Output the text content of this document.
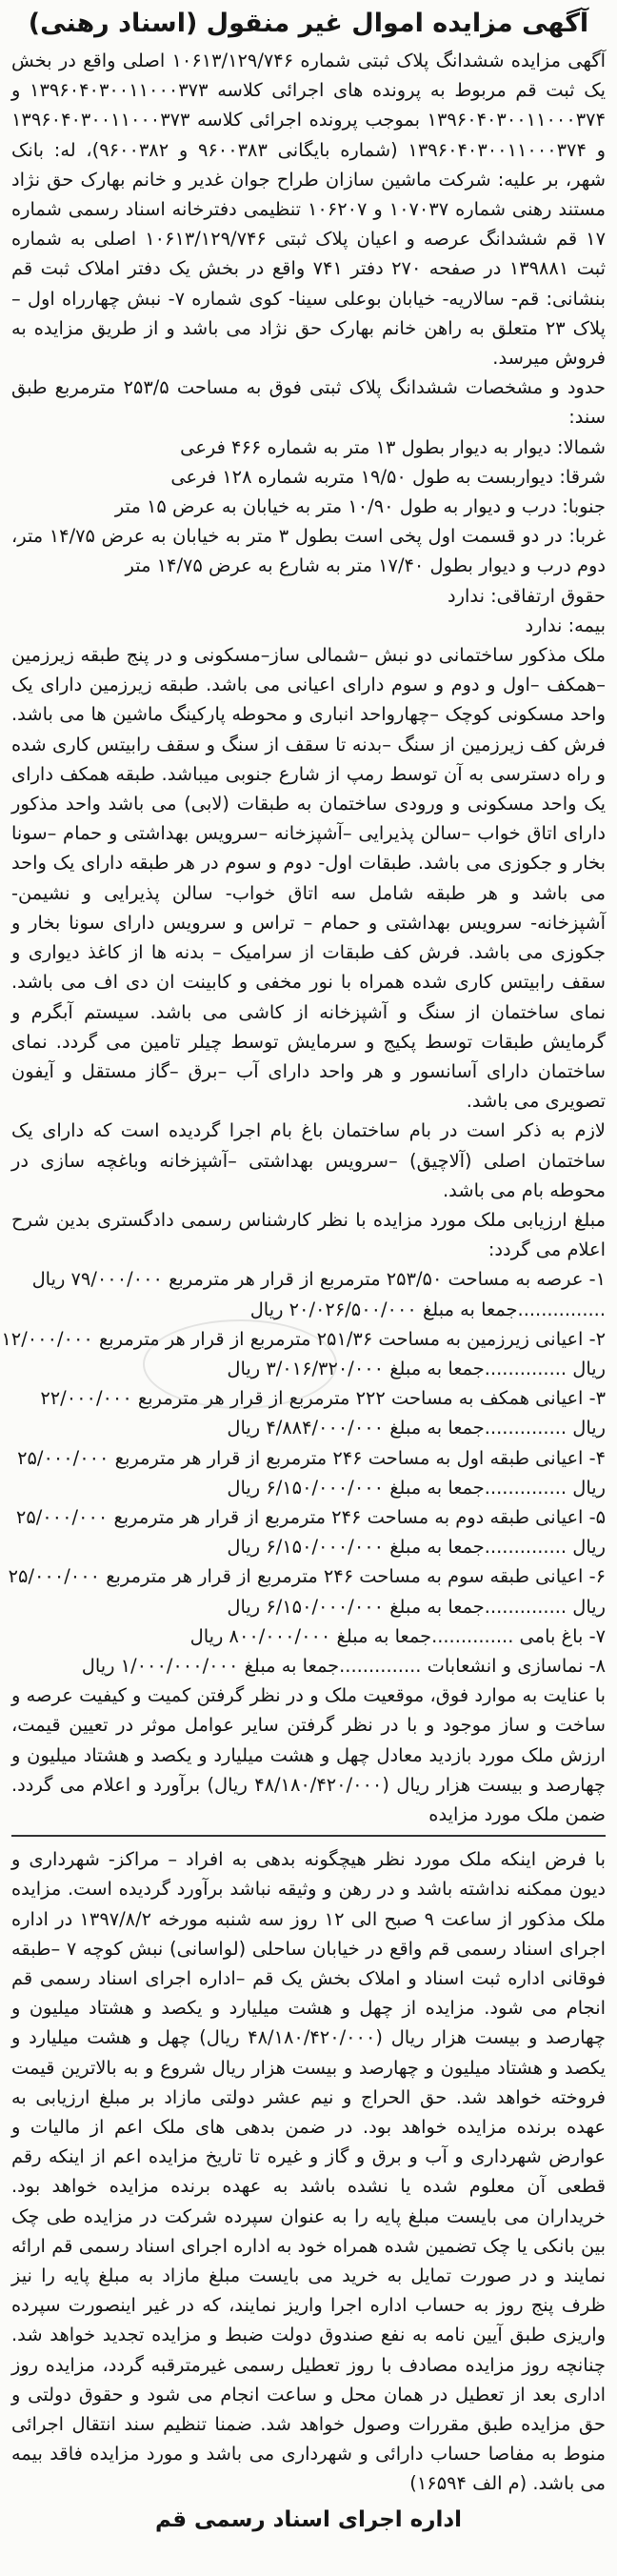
آگهی مزایده اموال غیر منقول (اسناد رهنی)

آگهی مزایده ششدانگ پلاک ثبتی شماره ۱۰۶۱۳/۱۲۹/۷۴۶ اصلی واقع در بخش یک ثبت قم مربوط به پرونده های اجرائی کلاسه ۱۳۹۶۰۴۰۳۰۰۱۱۰۰۰۳۷۳ و ۱۳۹۶۰۴۰۳۰۰۱۱۰۰۰۳۷۴ بموجب پرونده اجرائی کلاسه ۱۳۹۶۰۴۰۳۰۰۱۱۰۰۰۳۷۳ و ۱۳۹۶۰۴۰۳۰۰۱۱۰۰۰۳۷۴ (شماره بایگانی ۹۶۰۰۳۸۳ و ۹۶۰۰۳۸۲)، له: بانک شهر، بر علیه: شرکت ماشین سازان طراح جوان غدیر و خانم بهارک حق نژاد مستند رهنی شماره ۱۰۷۰۳۷ و ۱۰۶۲۰۷ تنظیمی دفترخانه اسناد رسمی شماره ۱۷ قم ششدانگ عرصه و اعیان پلاک ثبتی ۱۰۶۱۳/۱۲۹/۷۴۶ اصلی به شماره ثبت ۱۳۹۸۸۱ در صفحه ۲۷۰ دفتر ۷۴۱ واقع در بخش یک دفتر املاک ثبت قم بنشانی: قم- سالاریه- خیابان بوعلی سینا- کوی شماره ۷- نبش چهارراه اول – پلاک ۲۳ متعلق به راهن خانم بهارک حق نژاد می باشد و از طریق مزایده به فروش میرسد.

حدود و مشخصات ششدانگ پلاک ثبتی فوق به مساحت ۲۵۳/۵ مترمربع طبق سند:

شمالا: دیوار به دیوار بطول ۱۳ متر به شماره ۴۶۶ فرعی

شرقا: دیواربست به طول ۱۹/۵۰ متربه شماره ۱۲۸ فرعی

جنوبا: درب و دیوار به طول ۱۰/۹۰ متر به خیابان به عرض ۱۵ متر

غربا: در دو قسمت اول پخی است بطول ۳ متر به خیابان به عرض ۱۴/۷۵ متر، دوم درب و دیوار بطول ۱۷/۴۰ متر به شارع به عرض ۱۴/۷۵ متر

حقوق ارتفاقی: ندارد

بیمه: ندارد

ملک مذکور ساختمانی دو نبش –شمالی ساز–مسکونی و در پنج طبقه زیرزمین –همکف –اول و دوم و سوم دارای اعیانی می باشد. طبقه زیرزمین دارای یک واحد مسکونی کوچک –چهارواحد انباری و محوطه پارکینگ ماشین ها می باشد. فرش کف زیرزمین از سنگ –بدنه تا سقف از سنگ و سقف رابیتس کاری شده و راه دسترسی به آن توسط رمپ از شارع جنوبی میباشد. طبقه همکف دارای یک واحد مسکونی و ورودی ساختمان به طبقات (لابی) می باشد واحد مذکور دارای اتاق خواب –سالن پذیرایی –آشپزخانه –سرویس بهداشتی و حمام –سونا بخار و جکوزی می باشد. طبقات اول- دوم و سوم در هر طبقه دارای یک واحد می باشد و هر طبقه شامل سه اتاق خواب- سالن پذیرایی و نشیمن- آشپزخانه- سرویس بهداشتی و حمام – تراس و سرویس دارای سونا بخار و جکوزی می باشد. فرش کف طبقات از سرامیک – بدنه ها از کاغذ دیواری و سقف رابیتس کاری شده همراه با نور مخفی و کابینت ان دی اف می باشد. نمای ساختمان از سنگ و آشپزخانه از کاشی می باشد. سیستم آبگرم و گرمایش طبقات توسط پکیج و سرمایش توسط چیلر تامین می گردد. نمای ساختمان دارای آسانسور و هر واحد دارای آب –برق –گاز مستقل و آیفون تصویری می باشد.

لازم به ذکر است در بام ساختمان باغ بام اجرا گردیده است که دارای یک ساختمان اصلی (آلاچیق) –سرویس بهداشتی –آشپزخانه وباغچه سازی در محوطه بام می باشد.

مبلغ ارزیابی ملک مورد مزایده با نظر کارشناس رسمی دادگستری بدین شرح اعلام می گردد:

۱- عرصه به مساحت ۲۵۳/۵۰ مترمربع از قرار هر مترمربع ۷۹/۰۰۰/۰۰۰ ریال

...............جمعا به مبلغ ۲۰/۰۲۶/۵۰۰/۰۰۰ ریال

۲- اعیانی زیرزمین به مساحت ۲۵۱/۳۶ مترمربع از قرار هر مترمربع ۱۲/۰۰۰/۰۰۰

ریال ..............جمعا به مبلغ ۳/۰۱۶/۳۲۰/۰۰۰ ریال

۳- اعیانی همکف به مساحت ۲۲۲ مترمربع از قرار هر مترمربع ۲۲/۰۰۰/۰۰۰

ریال ..............جمعا به مبلغ ۴/۸۸۴/۰۰۰/۰۰۰ ریال

۴- اعیانی طبقه اول به مساحت ۲۴۶ مترمربع از قرار هر مترمربع ۲۵/۰۰۰/۰۰۰

ریال ..............جمعا به مبلغ ۶/۱۵۰/۰۰۰/۰۰۰ ریال

۵- اعیانی طبقه دوم به مساحت ۲۴۶ مترمربع از قرار هر مترمربع ۲۵/۰۰۰/۰۰۰

ریال ..............جمعا به مبلغ ۶/۱۵۰/۰۰۰/۰۰۰ ریال

۶- اعیانی طبقه سوم به مساحت ۲۴۶ مترمربع از قرار هر مترمربع ۲۵/۰۰۰/۰۰۰

ریال ..............جمعا به مبلغ ۶/۱۵۰/۰۰۰/۰۰۰ ریال

۷- باغ بامی ..............جمعا به مبلغ ۸۰۰/۰۰۰/۰۰۰ ریال

۸- نماسازی و انشعابات ..............جمعا به مبلغ ۱/۰۰۰/۰۰۰/۰۰۰ ریال

با عنایت به موارد فوق، موقعیت ملک و در نظر گرفتن کمیت و کیفیت عرصه و ساخت و ساز موجود و با در نظر گرفتن سایر عوامل موثر در تعیین قیمت، ارزش ملک مورد بازدید معادل چهل و هشت میلیارد و یکصد و هشتاد میلیون و چهارصد و بیست هزار ریال (۴۸/۱۸۰/۴۲۰/۰۰۰ ریال) برآورد و اعلام می گردد. ضمن ملک مورد مزایده

با فرض اینکه ملک مورد نظر هیچگونه بدهی به افراد – مراکز- شهرداری و دیون ممکنه نداشته باشد و در رهن و وثیقه نباشد برآورد گردیده است. مزایده ملک مذکور از ساعت ۹ صبح الی ۱۲ روز سه شنبه مورخه ۱۳۹۷/۸/۲ در اداره اجرای اسناد رسمی قم واقع در خیابان ساحلی (لواسانی) نبش کوچه ۷ –طبقه فوقانی اداره ثبت اسناد و املاک بخش یک قم –اداره اجرای اسناد رسمی قم انجام می شود. مزایده از چهل و هشت میلیارد و یکصد و هشتاد میلیون و چهارصد و بیست هزار ریال (۴۸/۱۸۰/۴۲۰/۰۰۰ ریال) چهل و هشت میلیارد و یکصد و هشتاد میلیون و چهارصد و بیست هزار ریال شروع و به بالاترین قیمت فروخته خواهد شد. حق الحراج و نیم عشر دولتی مازاد بر مبلغ ارزیابی به عهده برنده مزایده خواهد بود. در ضمن بدهی های ملک اعم از مالیات و عوارض شهرداری و آب و برق و گاز و غیره تا تاریخ مزایده اعم از اینکه رقم قطعی آن معلوم شده یا نشده باشد به عهده برنده مزایده خواهد بود. خریداران می بایست مبلغ پایه را به عنوان سپرده شرکت در مزایده طی چک بین بانکی یا چک تضمین شده همراه خود به اداره اجرای اسناد رسمی قم ارائه نمایند و در صورت تمایل به خرید می بایست مبلغ مازاد به مبلغ پایه را نیز ظرف پنج روز به حساب اداره اجرا واریز نمایند، که در غیر اینصورت سپرده واریزی طبق آیین نامه به نفع صندوق دولت ضبط و مزایده تجدید خواهد شد. چنانچه روز مزایده مصادف با روز تعطیل رسمی غیرمترقبه گردد، مزایده روز اداری بعد از تعطیل در همان محل و ساعت انجام می شود و حقوق دولتی و حق مزایده طبق مقررات وصول خواهد شد. ضمنا تنظیم سند انتقال اجرائی منوط به مفاصا حساب دارائی و شهرداری می باشد و مورد مزایده فاقد بیمه می باشد. (م الف ۱۶۵۹۴)

اداره اجرای اسناد رسمی قم
